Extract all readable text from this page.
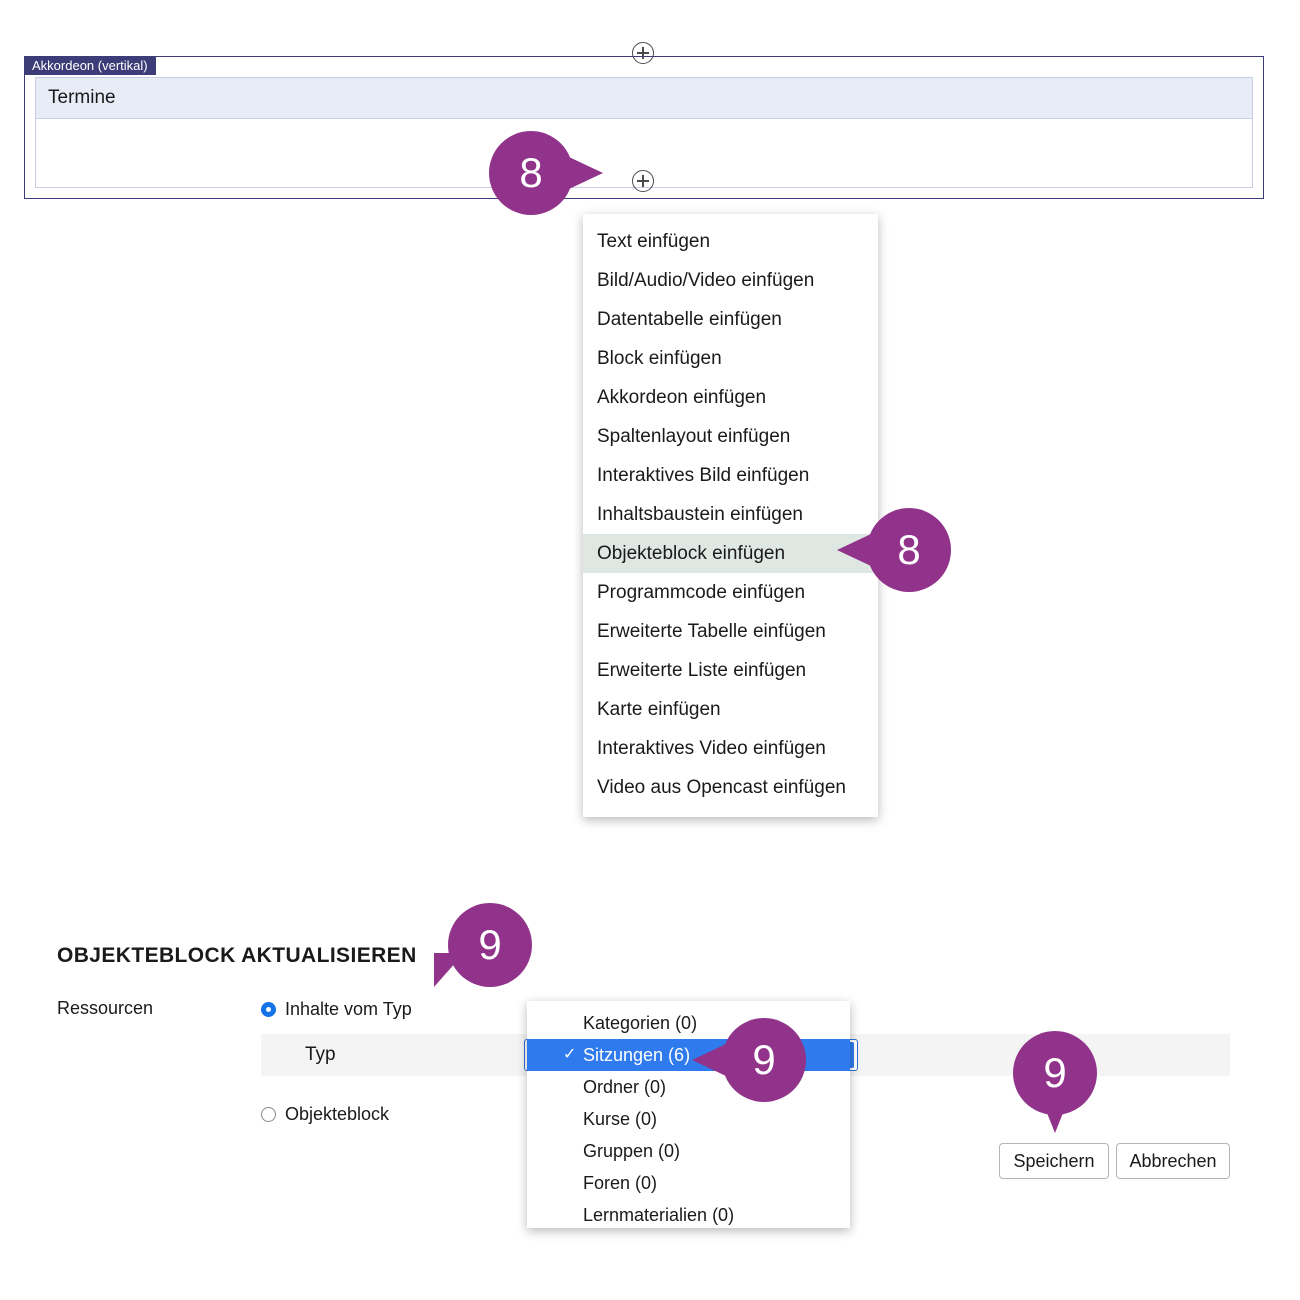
Termine
Akkordeon (vertikal)
Text einfügen
Bild/Audio/Video einfügen
Datentabelle einfügen
Block einfügen
Akkordeon einfügen
Spaltenlayout einfügen
Interaktives Bild einfügen
Inhaltsbaustein einfügen
Objekteblock einfügen
Programmcode einfügen
Erweiterte Tabelle einfügen
Erweiterte Liste einfügen
Karte einfügen
Interaktives Video einfügen
Video aus Opencast einfügen
OBJEKTEBLOCK AKTUALISIEREN
Ressourcen	Inhalte vom Typ
Typ

Objekteblock
Kategorien (0)
✓ Sitzungen (6)
Ordner (0)
Kurse (0)
Gruppen (0)
Foren (0)
Lernmaterialien (0)
Speichern	Abbrechen
8
8
9
9	9
